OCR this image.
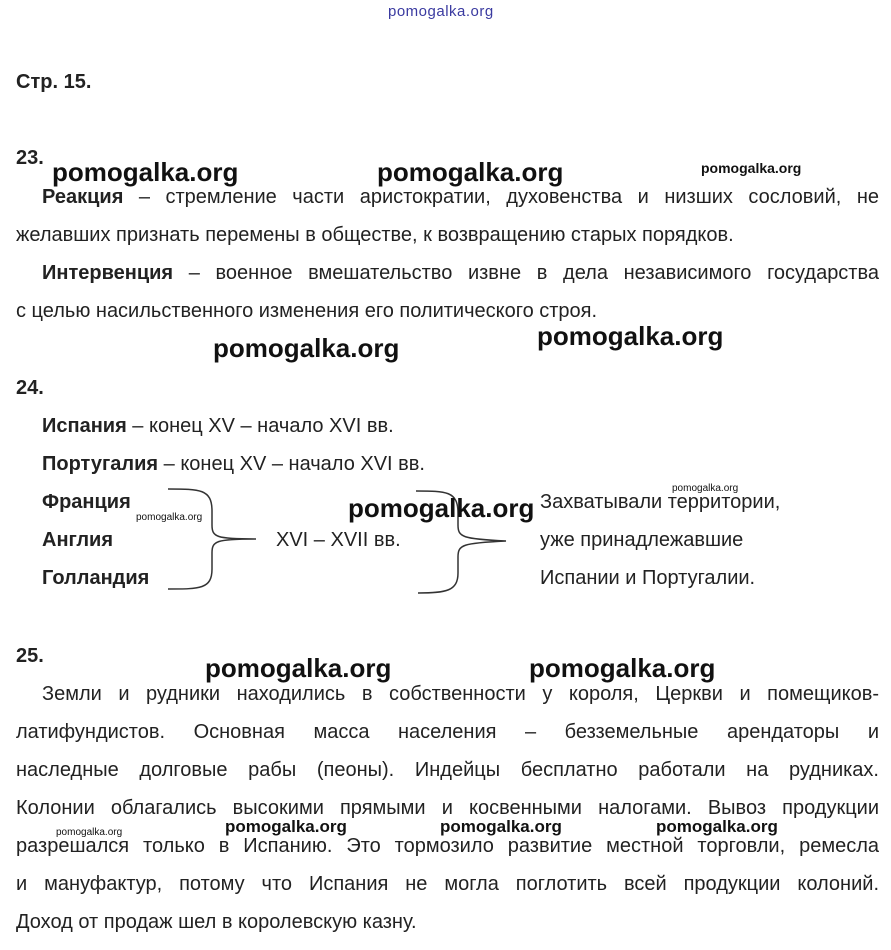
pomogalka.org
Стр. 15.
23. pomogalka.org	pomogalka.org	pomogalka.org
Реакция – стремление части аристократии, духовенства и низших сословий, не
желавших признать перемены в обществе, к возвращению старых порядков.
Интервенция – военное вмешательство извне в дела независимого государства
с целью насильственного изменения его политического строя.
pomogalka.org
pomogalka.org
24.
Испания – конец XV – начало XVI вв.
Португалия – конец XV – начало XVI вв.
Франция
Англия
Голландия
pomogalka.org
pomogalka.org
XVI – XVII вв.
pomogalka.org Захватывали территории,
уже принадлежавшие
Испании и Португалии.
25.	pomogalka.org	pomogalka.org
Земли и рудники находились в собственности у короля, Церкви и помещиков-
латифундистов. Основная масса населения – безземельные арендаторы и
наследные долговые рабы (пеоны). Индейцы бесплатно работали на рудниках.
Колонии облагались высокими прямыми и косвенными налогами. Вывоз продукции
pomogalka.org	pomogalka.org	pomogalka.org
pomogalka.org
разрешался только в Испанию. Это тормозило развитие местной торговли, ремесла
и мануфактур, потому что Испания не могла поглотить всей продукции колоний.
Доход от продаж шел в королевскую казну.
